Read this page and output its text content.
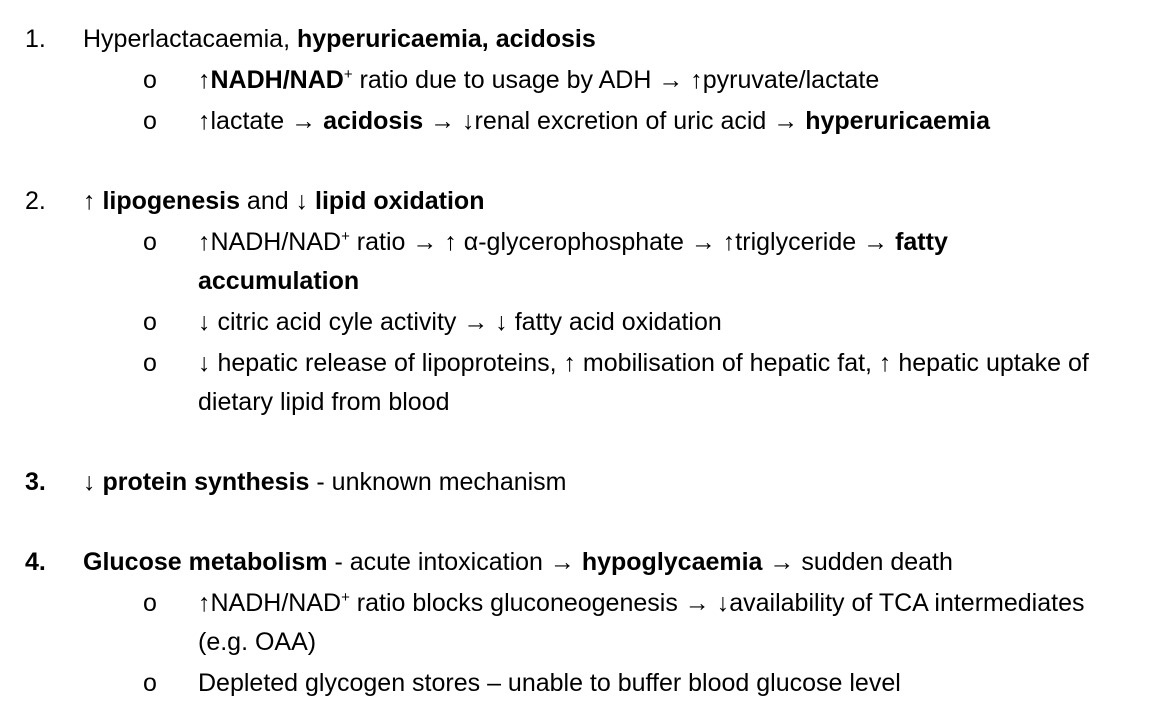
1. Hyperlactacaemia, hyperuricaemia, acidosis
o ↑NADH/NAD+ ratio due to usage by ADH → ↑pyruvate/lactate
o ↑lactate → acidosis → ↓renal excretion of uric acid → hyperuricaemia
2. ↑ lipogenesis and ↓ lipid oxidation
o ↑NADH/NAD+ ratio → ↑ α-glycerophosphate → ↑triglyceride → fatty accumulation
o ↓ citric acid cyle activity → ↓ fatty acid oxidation
o ↓ hepatic release of lipoproteins, ↑ mobilisation of hepatic fat, ↑ hepatic uptake of dietary lipid from blood
3. ↓ protein synthesis - unknown mechanism
4. Glucose metabolism - acute intoxication → hypoglycaemia → sudden death
o ↑NADH/NAD+ ratio blocks gluconeogenesis → ↓availability of TCA intermediates (e.g. OAA)
o Depleted glycogen stores – unable to buffer blood glucose level
